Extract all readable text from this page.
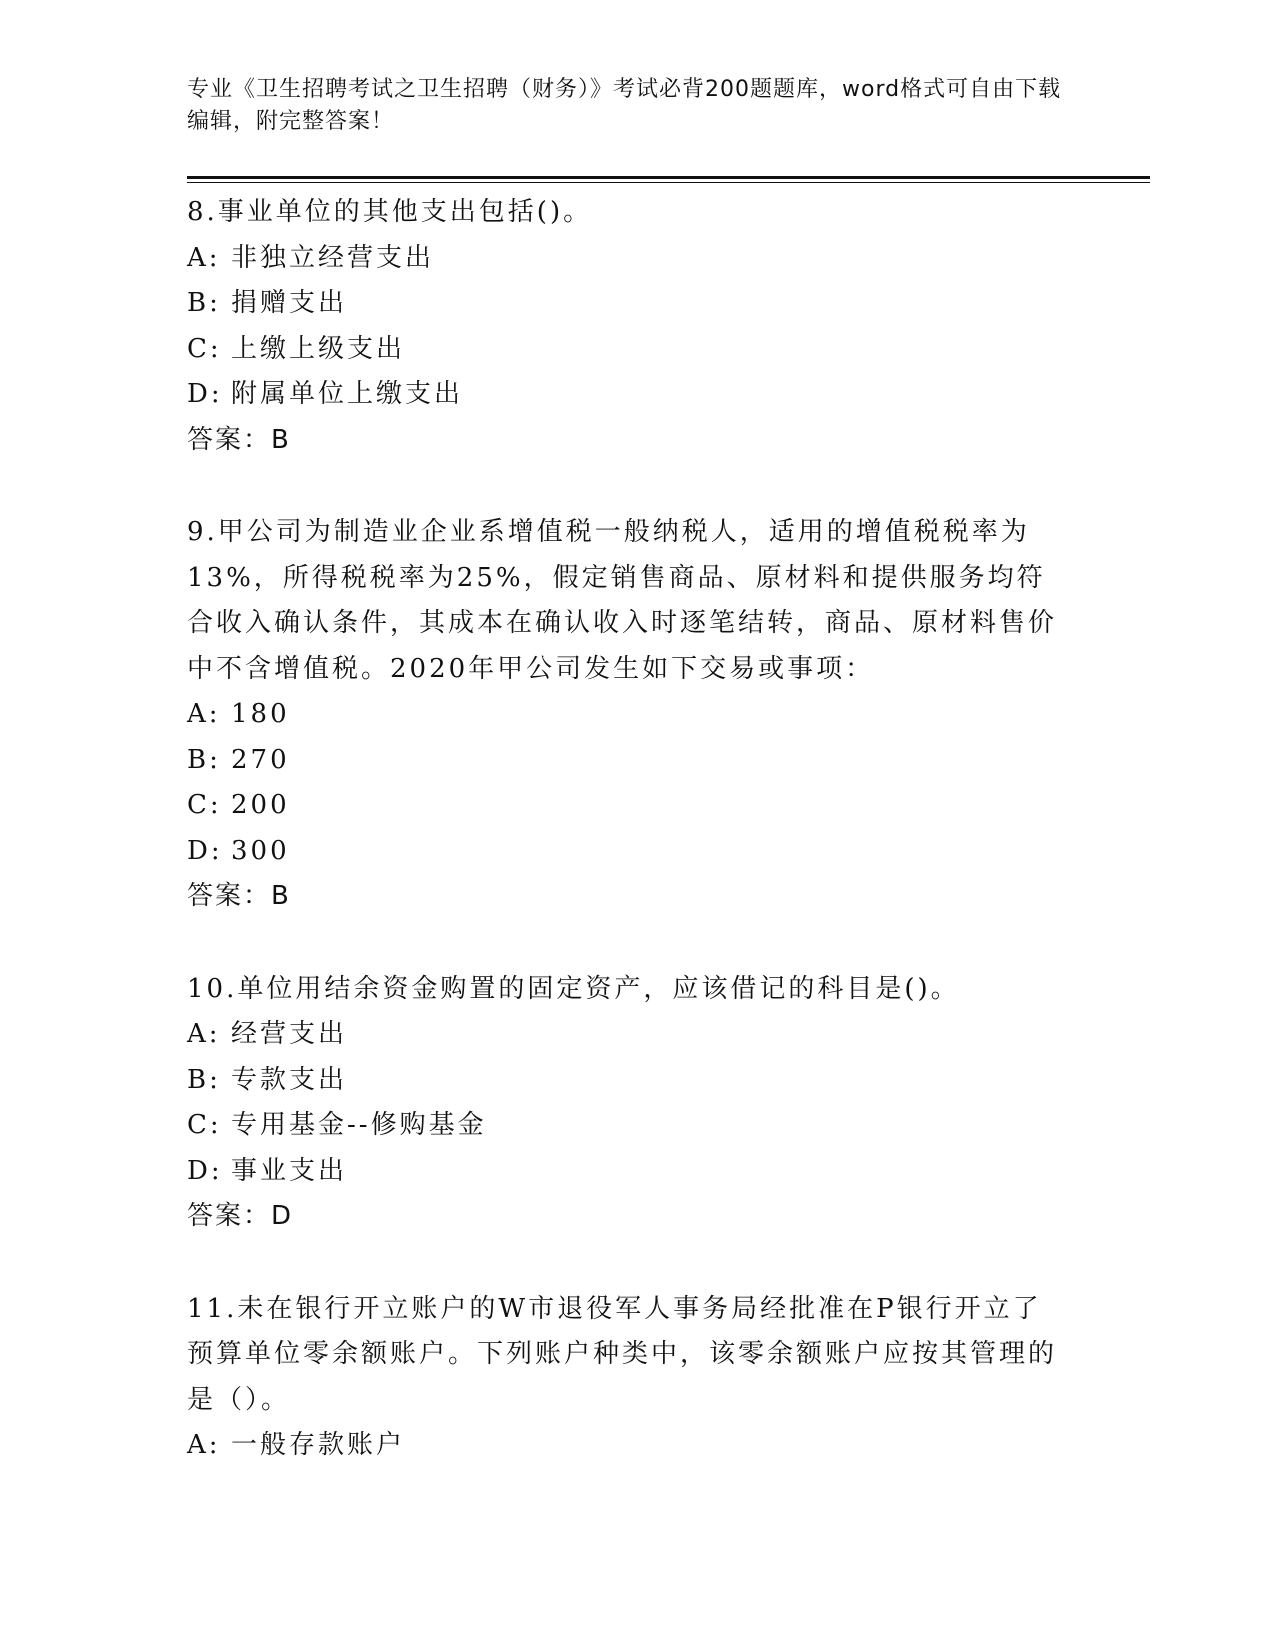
专业《卫生招聘考试之卫生招聘（财务）》考试必背200题题库，word格式可自由下载编辑，附完整答案！
8.事业单位的其他支出包括()。
A: 非独立经营支出
B: 捐赠支出
C: 上缴上级支出
D: 附属单位上缴支出
答案：B
9.甲公司为制造业企业系增值税一般纳税人，适用的增值税税率为13%，所得税税率为25%，假定销售商品、原材料和提供服务均符合收入确认条件，其成本在确认收入时逐笔结转，商品、原材料售价中不含增值税。2020年甲公司发生如下交易或事项：
A: 180
B: 270
C: 200
D: 300
答案：B
10.单位用结余资金购置的固定资产，应该借记的科目是()。
A: 经营支出
B: 专款支出
C: 专用基金--修购基金
D: 事业支出
答案：D
11.未在银行开立账户的W市退役军人事务局经批准在P银行开立了预算单位零余额账户。下列账户种类中，该零余额账户应按其管理的是（）。
A: 一般存款账户
